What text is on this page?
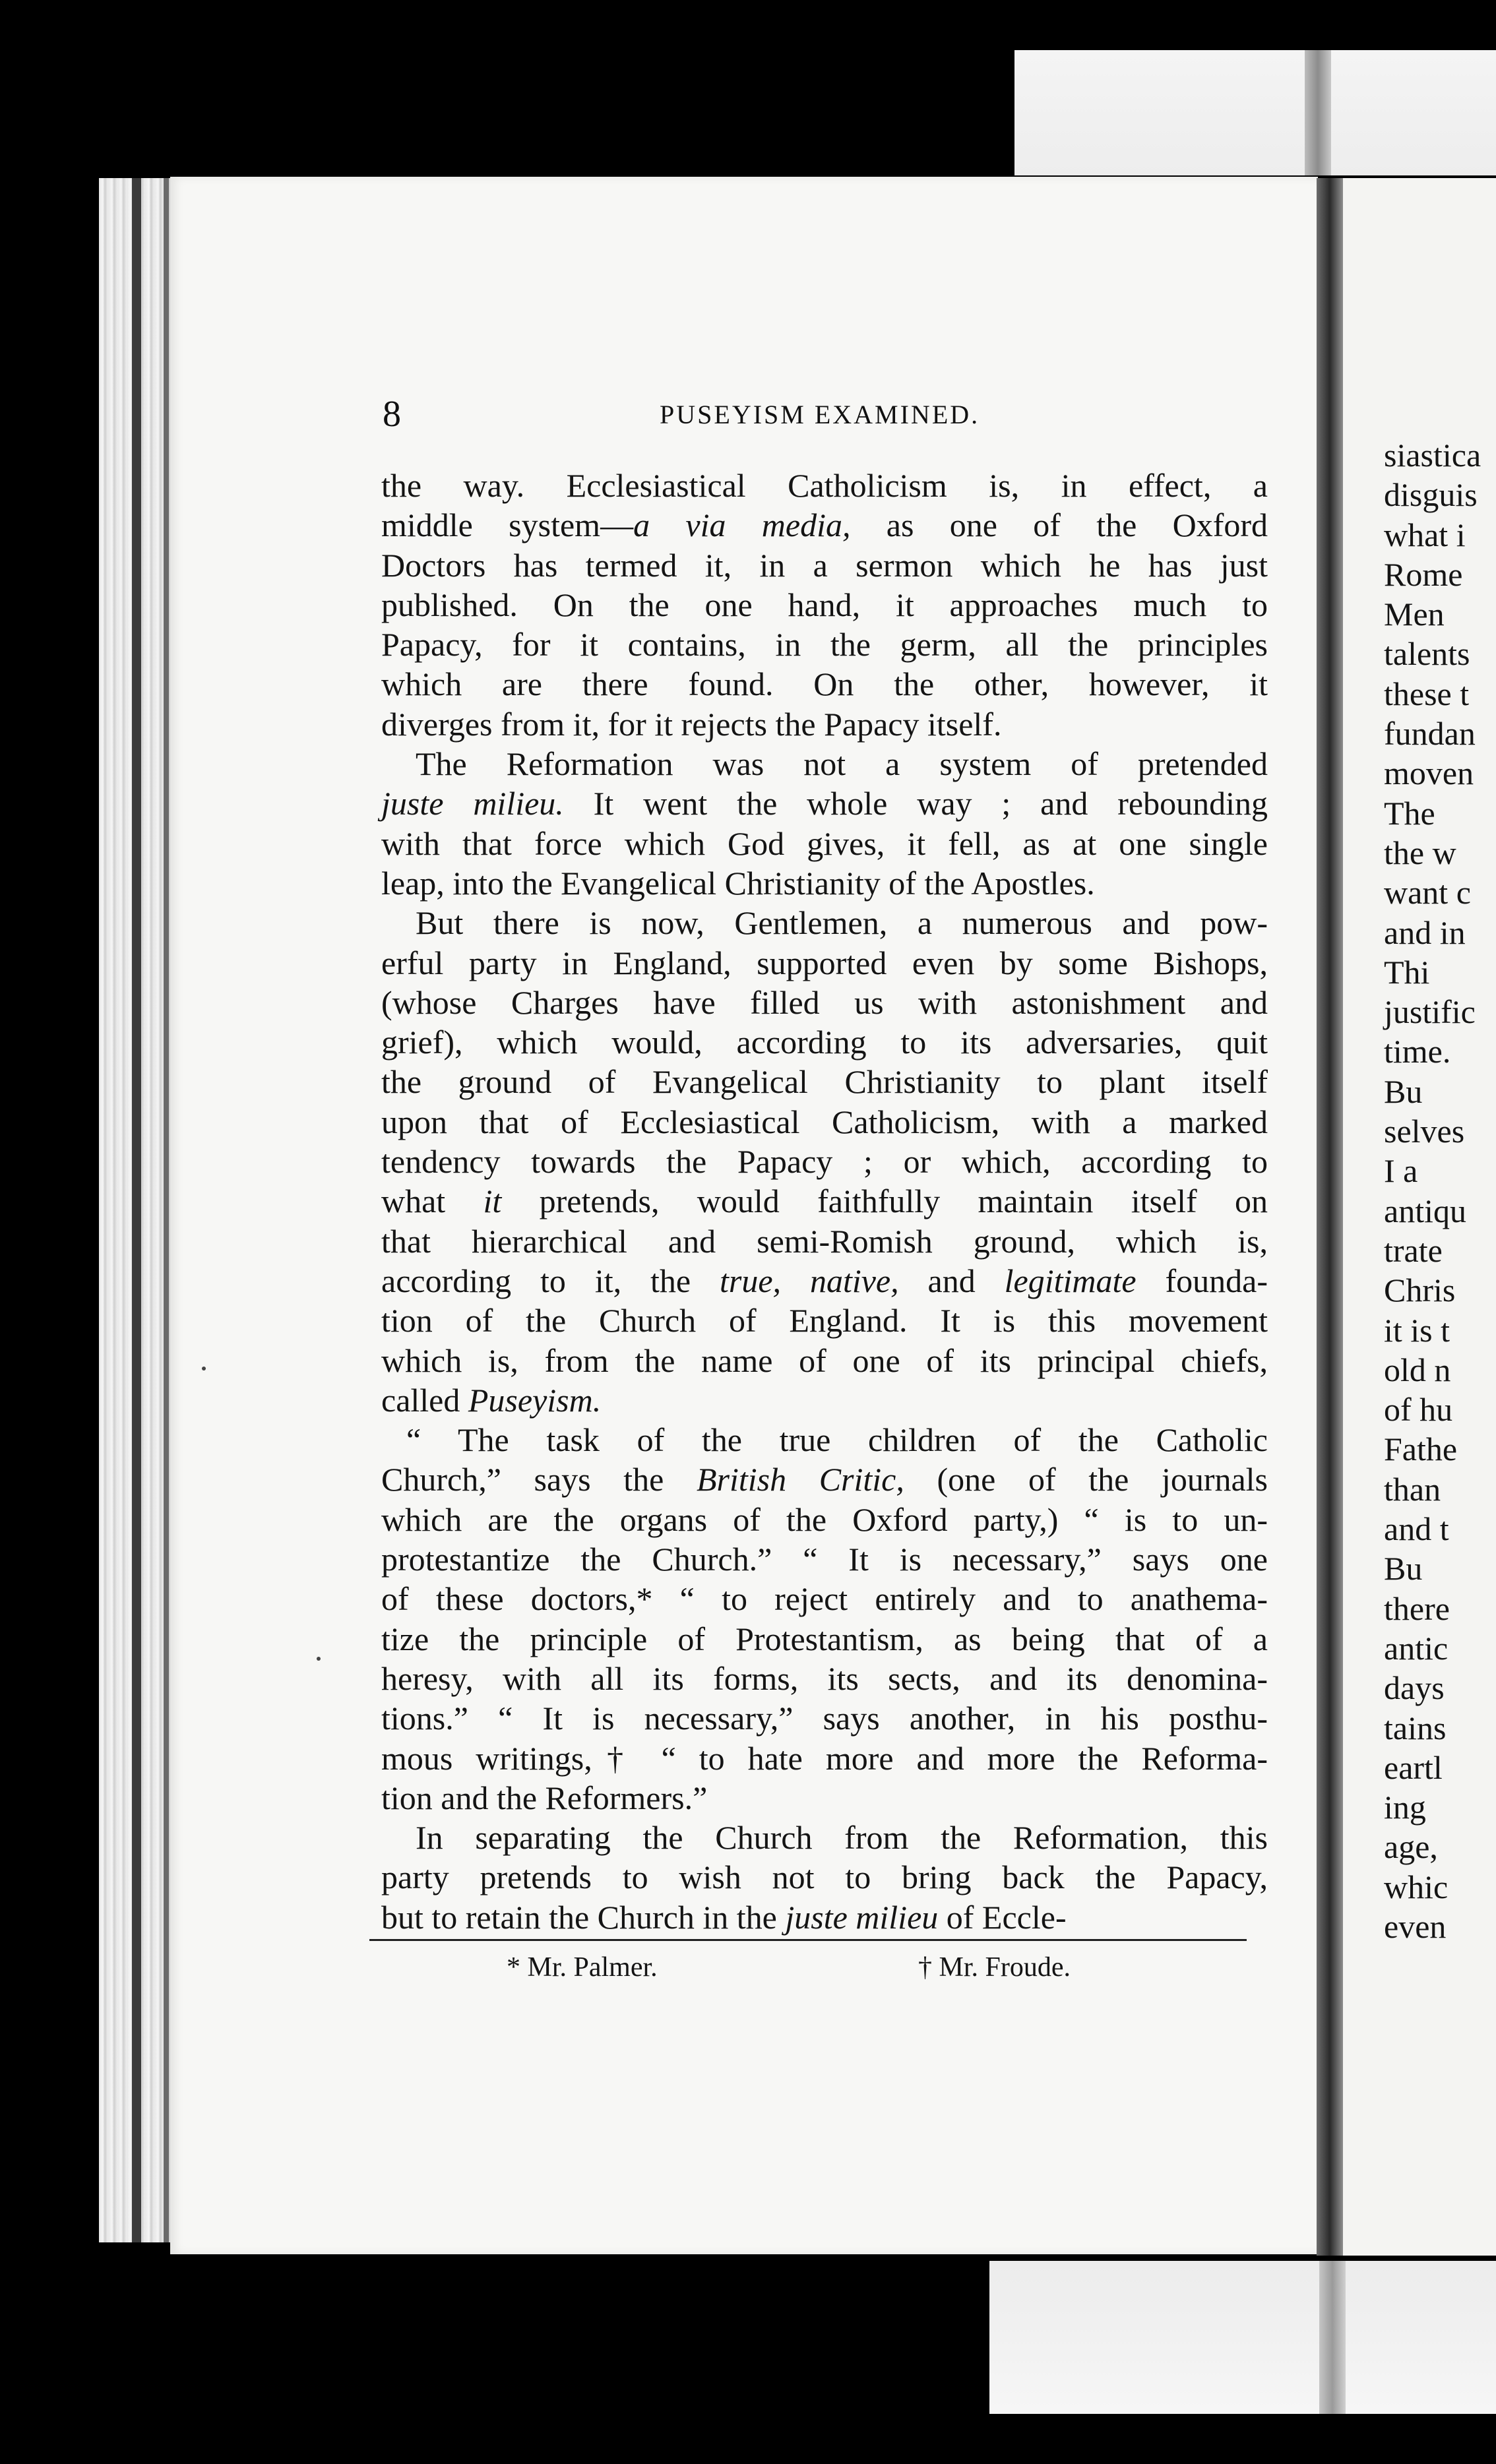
8	PUSEYISM EXAMINED.
the way. Ecclesiastical Catholicism is, in effect, a
middle system—a via media, as one of the Oxford
Doctors has termed it, in a sermon which he has just
published. On the one hand, it approaches much to
Papacy, for it contains, in the germ, all the principles
which are there found. On the other, however, it
diverges from it, for it rejects the Papacy itself.
The Reformation was not a system of pretended
juste milieu. It went the whole way ; and rebounding
with that force which God gives, it fell, as at one single
leap, into the Evangelical Christianity of the Apostles.
But there is now, Gentlemen, a numerous and pow-
erful party in England, supported even by some Bishops,
(whose Charges have filled us with astonishment and
grief), which would, according to its adversaries, quit
the ground of Evangelical Christianity to plant itself
upon that of Ecclesiastical Catholicism, with a marked
tendency towards the Papacy ; or which, according to
what it pretends, would faithfully maintain itself on
that hierarchical and semi-Romish ground, which is,
according to it, the true, native, and legitimate founda-
tion of the Church of England. It is this movement
which is, from the name of one of its principal chiefs,
called Puseyism.
“ The task of the true children of the Catholic
Church,” says the British Critic, (one of the journals
which are the organs of the Oxford party,) “ is to un-
protestantize the Church.” “ It is necessary,” says one
of these doctors,* “ to reject entirely and to anathema-
tize the principle of Protestantism, as being that of a
heresy, with all its forms, its sects, and its denomina-
tions.” “ It is necessary,” says another, in his posthu-
mous writings,† “ to hate more and more the Reforma-
tion and the Reformers.”
In separating the Church from the Reformation, this
party pretends to wish not to bring back the Papacy,
but to retain the Church in the juste milieu of Eccle-
* Mr. Palmer.	† Mr. Froude.
siastica
disguis
what i
Rome
Men
talents
these t
fundan
moven
The
the w
want c
and in
Thi
justific
time.
Bu
selves
I a
antiqu
trate
Chris
it is t
old n
of hu
Fathe
than
and t
Bu
there
antic
days
tains
eartl
ing
age,
whic
even
